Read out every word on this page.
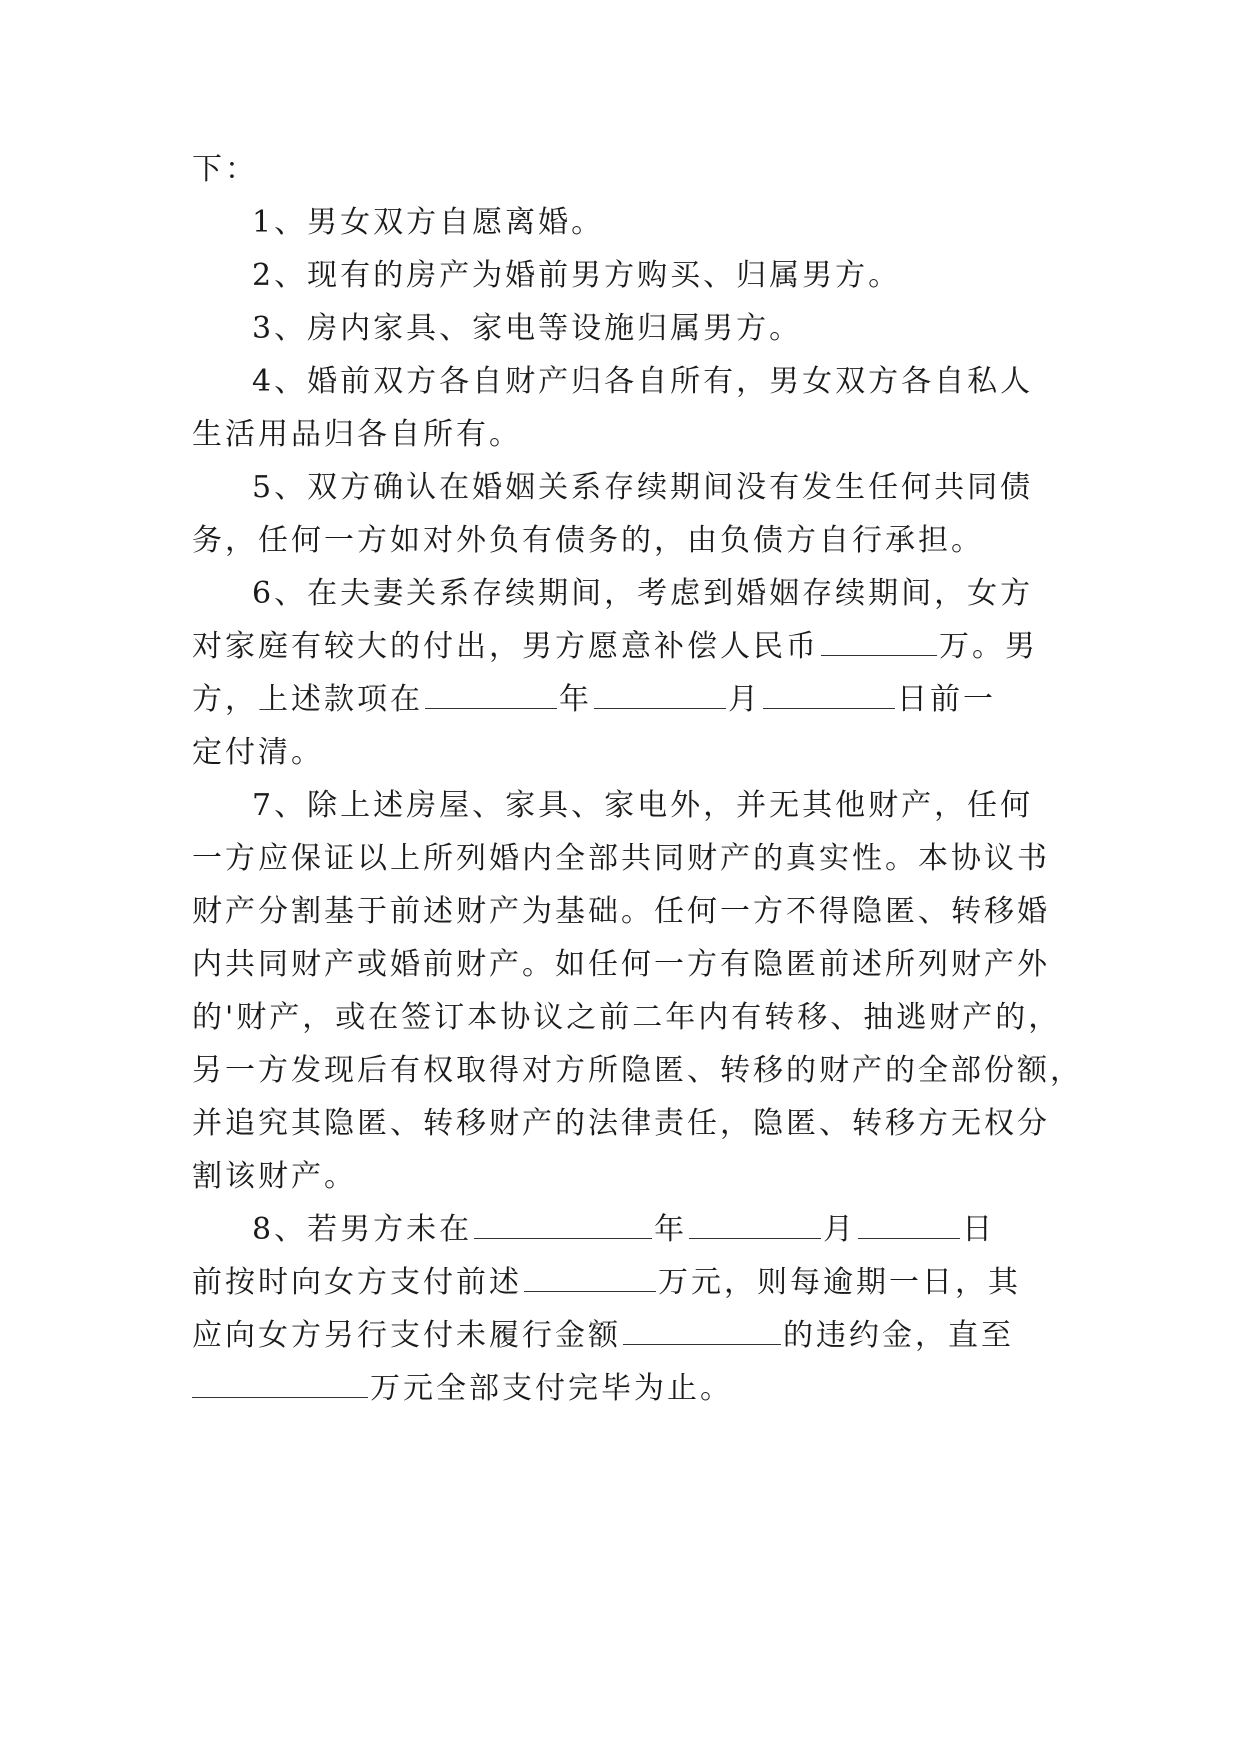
下：
1、男女双方自愿离婚。
2、现有的房产为婚前男方购买、归属男方。
3、房内家具、家电等设施归属男方。
4、婚前双方各自财产归各自所有，男女双方各自私人
生活用品归各自所有。
5、双方确认在婚姻关系存续期间没有发生任何共同债
务，任何一方如对外负有债务的，由负债方自行承担。
6、在夫妻关系存续期间，考虑到婚姻存续期间，女方
对家庭有较大的付出，男方愿意补偿人民币	万。男
方，上述款项在	年	月	日前一
定付清。
7、除上述房屋、家具、家电外，并无其他财产，任何
一方应保证以上所列婚内全部共同财产的真实性。本协议书
财产分割基于前述财产为基础。任何一方不得隐匿、转移婚
内共同财产或婚前财产。如任何一方有隐匿前述所列财产外
的'财产，或在签订本协议之前二年内有转移、抽逃财产的，
另一方发现后有权取得对方所隐匿、转移的财产的全部份额，
并追究其隐匿、转移财产的法律责任，隐匿、转移方无权分
割该财产。
8、若男方未在	年	月	日
前按时向女方支付前述	万元，则每逾期一日，其
应向女方另行支付未履行金额	的违约金，直至
万元全部支付完毕为止。
